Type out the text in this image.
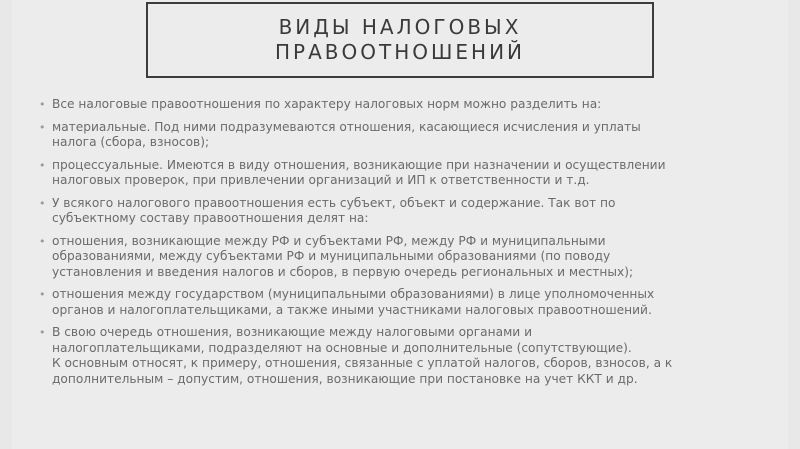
ВИДЫ НАЛОГОВЫХ
ПРАВООТНОШЕНИЙ
• Все налоговые правоотношения по характеру налоговых норм можно разделить на:
• материальные. Под ними подразумеваются отношения, касающиеся исчисления и уплаты
налога (сбора, взносов);
• процессуальные. Имеются в виду отношения, возникающие при назначении и осуществлении
налоговых проверок, при привлечении организаций и ИП к ответственности и т.д.
• У всякого налогового правоотношения есть субъект, объект и содержание. Так вот по
субъектному составу правоотношения делят на:
• отношения, возникающие между РФ и субъектами РФ, между РФ и муниципальными
образованиями, между субъектами РФ и муниципальными образованиями (по поводу
установления и введения налогов и сборов, в первую очередь региональных и местных);
• отношения между государством (муниципальными образованиями) в лице уполномоченных
органов и налогоплательщиками, а также иными участниками налоговых правоотношений.
• В свою очередь отношения, возникающие между налоговыми органами и
налогоплательщиками, подразделяют на основные и дополнительные (сопутствующие).
К основным относят, к примеру, отношения, связанные с уплатой налогов, сборов, взносов, а к
дополнительным – допустим, отношения, возникающие при постановке на учет ККТ и др.
